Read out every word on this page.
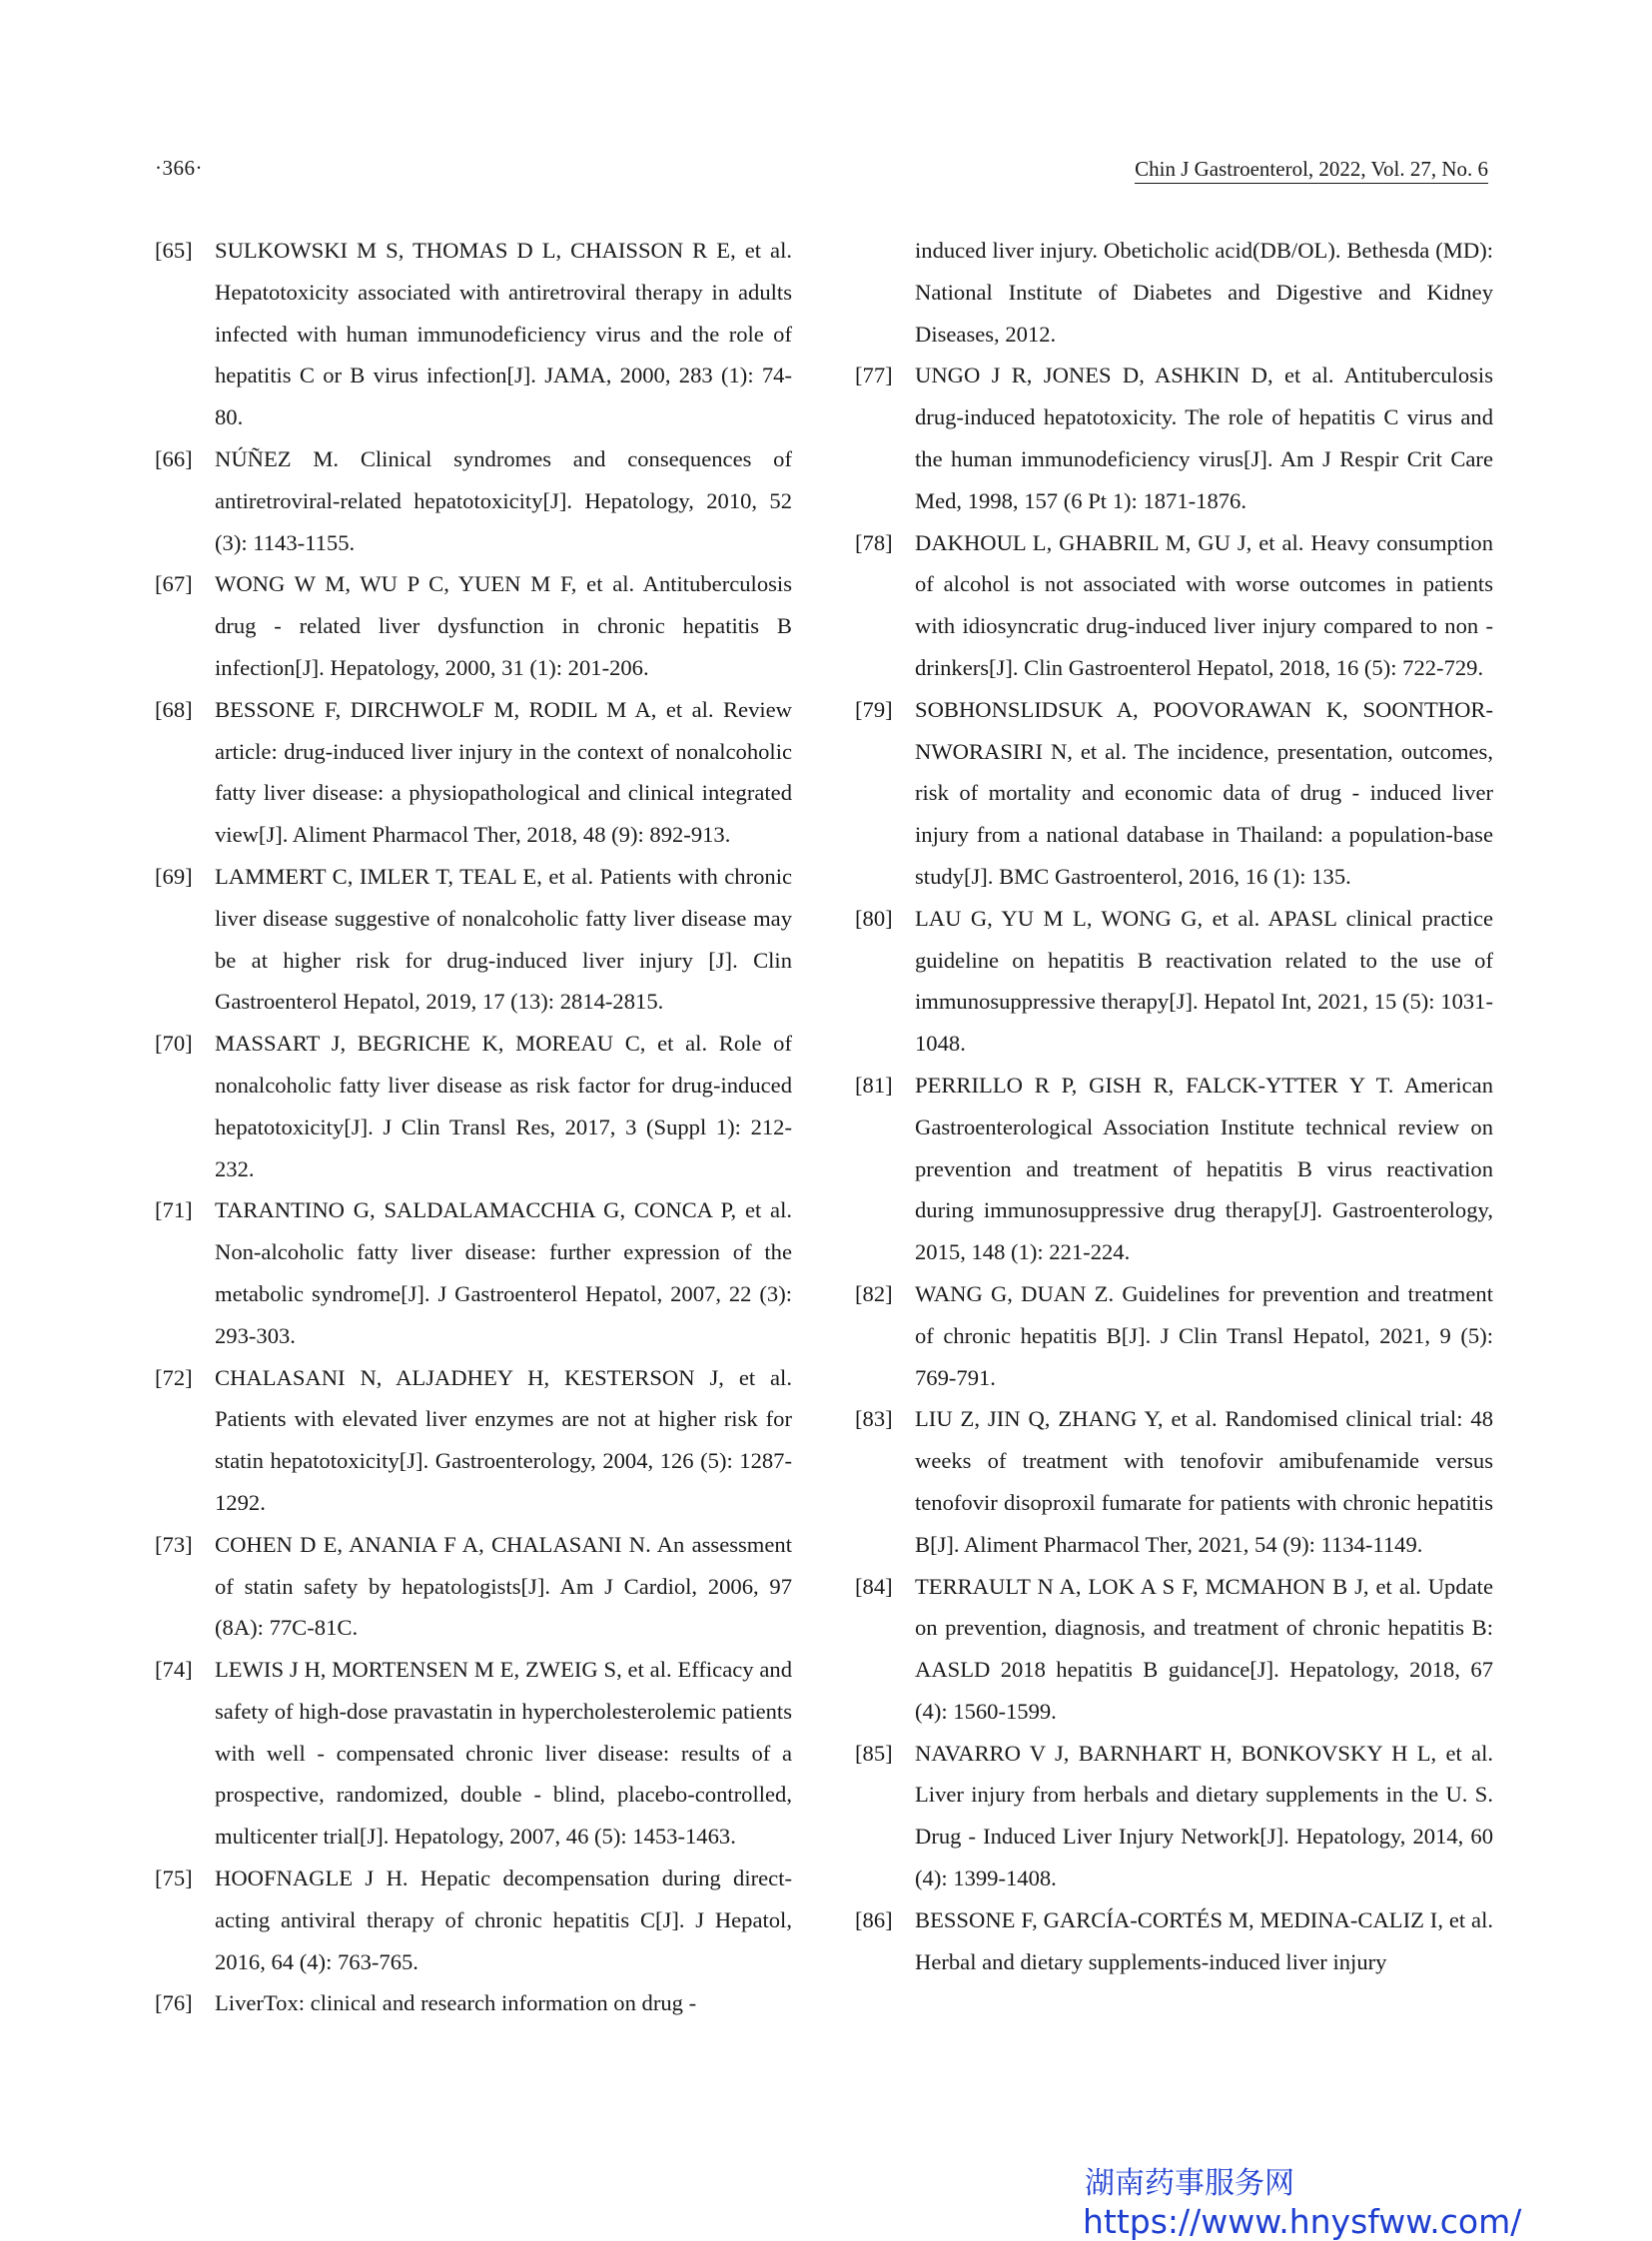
·366·	Chin J Gastroenterol, 2022, Vol. 27, No. 6
[65] SULKOWSKI M S, THOMAS D L, CHAISSON R E, et al. Hepatotoxicity associated with antiretroviral therapy in adults infected with human immunodeficiency virus and the role of hepatitis C or B virus infection[J]. JAMA, 2000, 283 (1): 74-80.
[66] NÚÑEZ M. Clinical syndromes and consequences of antiretroviral-related hepatotoxicity[J]. Hepatology, 2010, 52 (3): 1143-1155.
[67] WONG W M, WU P C, YUEN M F, et al. Antituberculosis drug - related liver dysfunction in chronic hepatitis B infection[J]. Hepatology, 2000, 31 (1): 201-206.
[68] BESSONE F, DIRCHWOLF M, RODIL M A, et al. Review article: drug-induced liver injury in the context of nonalcoholic fatty liver disease: a physiopathological and clinical integrated view[J]. Aliment Pharmacol Ther, 2018, 48 (9): 892-913.
[69] LAMMERT C, IMLER T, TEAL E, et al. Patients with chronic liver disease suggestive of nonalcoholic fatty liver disease may be at higher risk for drug-induced liver injury [J]. Clin Gastroenterol Hepatol, 2019, 17 (13): 2814-2815.
[70] MASSART J, BEGRICHE K, MOREAU C, et al. Role of nonalcoholic fatty liver disease as risk factor for drug-induced hepatotoxicity[J]. J Clin Transl Res, 2017, 3 (Suppl 1): 212-232.
[71] TARANTINO G, SALDALAMACCHIA G, CONCA P, et al. Non-alcoholic fatty liver disease: further expression of the metabolic syndrome[J]. J Gastroenterol Hepatol, 2007, 22 (3): 293-303.
[72] CHALASANI N, ALJADHEY H, KESTERSON J, et al. Patients with elevated liver enzymes are not at higher risk for statin hepatotoxicity[J]. Gastroenterology, 2004, 126 (5): 1287-1292.
[73] COHEN D E, ANANIA F A, CHALASANI N. An assessment of statin safety by hepatologists[J]. Am J Cardiol, 2006, 97 (8A): 77C-81C.
[74] LEWIS J H, MORTENSEN M E, ZWEIG S, et al. Efficacy and safety of high-dose pravastatin in hypercholesterolemic patients with well - compensated chronic liver disease: results of a prospective, randomized, double - blind, placebo-controlled, multicenter trial[J]. Hepatology, 2007, 46 (5): 1453-1463.
[75] HOOFNAGLE J H. Hepatic decompensation during direct-acting antiviral therapy of chronic hepatitis C[J]. J Hepatol, 2016, 64 (4): 763-765.
[76] LiverTox: clinical and research information on drug -
induced liver injury. Obeticholic acid(DB/OL). Bethesda (MD): National Institute of Diabetes and Digestive and Kidney Diseases, 2012.
[77] UNGO J R, JONES D, ASHKIN D, et al. Antituberculosis drug-induced hepatotoxicity. The role of hepatitis C virus and the human immunodeficiency virus[J]. Am J Respir Crit Care Med, 1998, 157 (6 Pt 1): 1871-1876.
[78] DAKHOUL L, GHABRIL M, GU J, et al. Heavy consumption of alcohol is not associated with worse outcomes in patients with idiosyncratic drug-induced liver injury compared to non - drinkers[J]. Clin Gastroenterol Hepatol, 2018, 16 (5): 722-729.
[79] SOBHONSLIDSUK A, POOVORAWAN K, SOONTHOR-NWORASIRI N, et al. The incidence, presentation, outcomes, risk of mortality and economic data of drug - induced liver injury from a national database in Thailand: a population-base study[J]. BMC Gastroenterol, 2016, 16 (1): 135.
[80] LAU G, YU M L, WONG G, et al. APASL clinical practice guideline on hepatitis B reactivation related to the use of immunosuppressive therapy[J]. Hepatol Int, 2021, 15 (5): 1031-1048.
[81] PERRILLO R P, GISH R, FALCK-YTTER Y T. American Gastroenterological Association Institute technical review on prevention and treatment of hepatitis B virus reactivation during immunosuppressive drug therapy[J]. Gastroenterology, 2015, 148 (1): 221-224.
[82] WANG G, DUAN Z. Guidelines for prevention and treatment of chronic hepatitis B[J]. J Clin Transl Hepatol, 2021, 9 (5): 769-791.
[83] LIU Z, JIN Q, ZHANG Y, et al. Randomised clinical trial: 48 weeks of treatment with tenofovir amibufenamide versus tenofovir disoproxil fumarate for patients with chronic hepatitis B[J]. Aliment Pharmacol Ther, 2021, 54 (9): 1134-1149.
[84] TERRAULT N A, LOK A S F, MCMAHON B J, et al. Update on prevention, diagnosis, and treatment of chronic hepatitis B: AASLD 2018 hepatitis B guidance[J]. Hepatology, 2018, 67 (4): 1560-1599.
[85] NAVARRO V J, BARNHART H, BONKOVSKY H L, et al. Liver injury from herbals and dietary supplements in the U. S. Drug - Induced Liver Injury Network[J]. Hepatology, 2014, 60 (4): 1399-1408.
[86] BESSONE F, GARCÍA-CORTÉS M, MEDINA-CALIZ I, et al. Herbal and dietary supplements-induced liver injury
湖南药事服务网
https://www.hnysfww.com/
